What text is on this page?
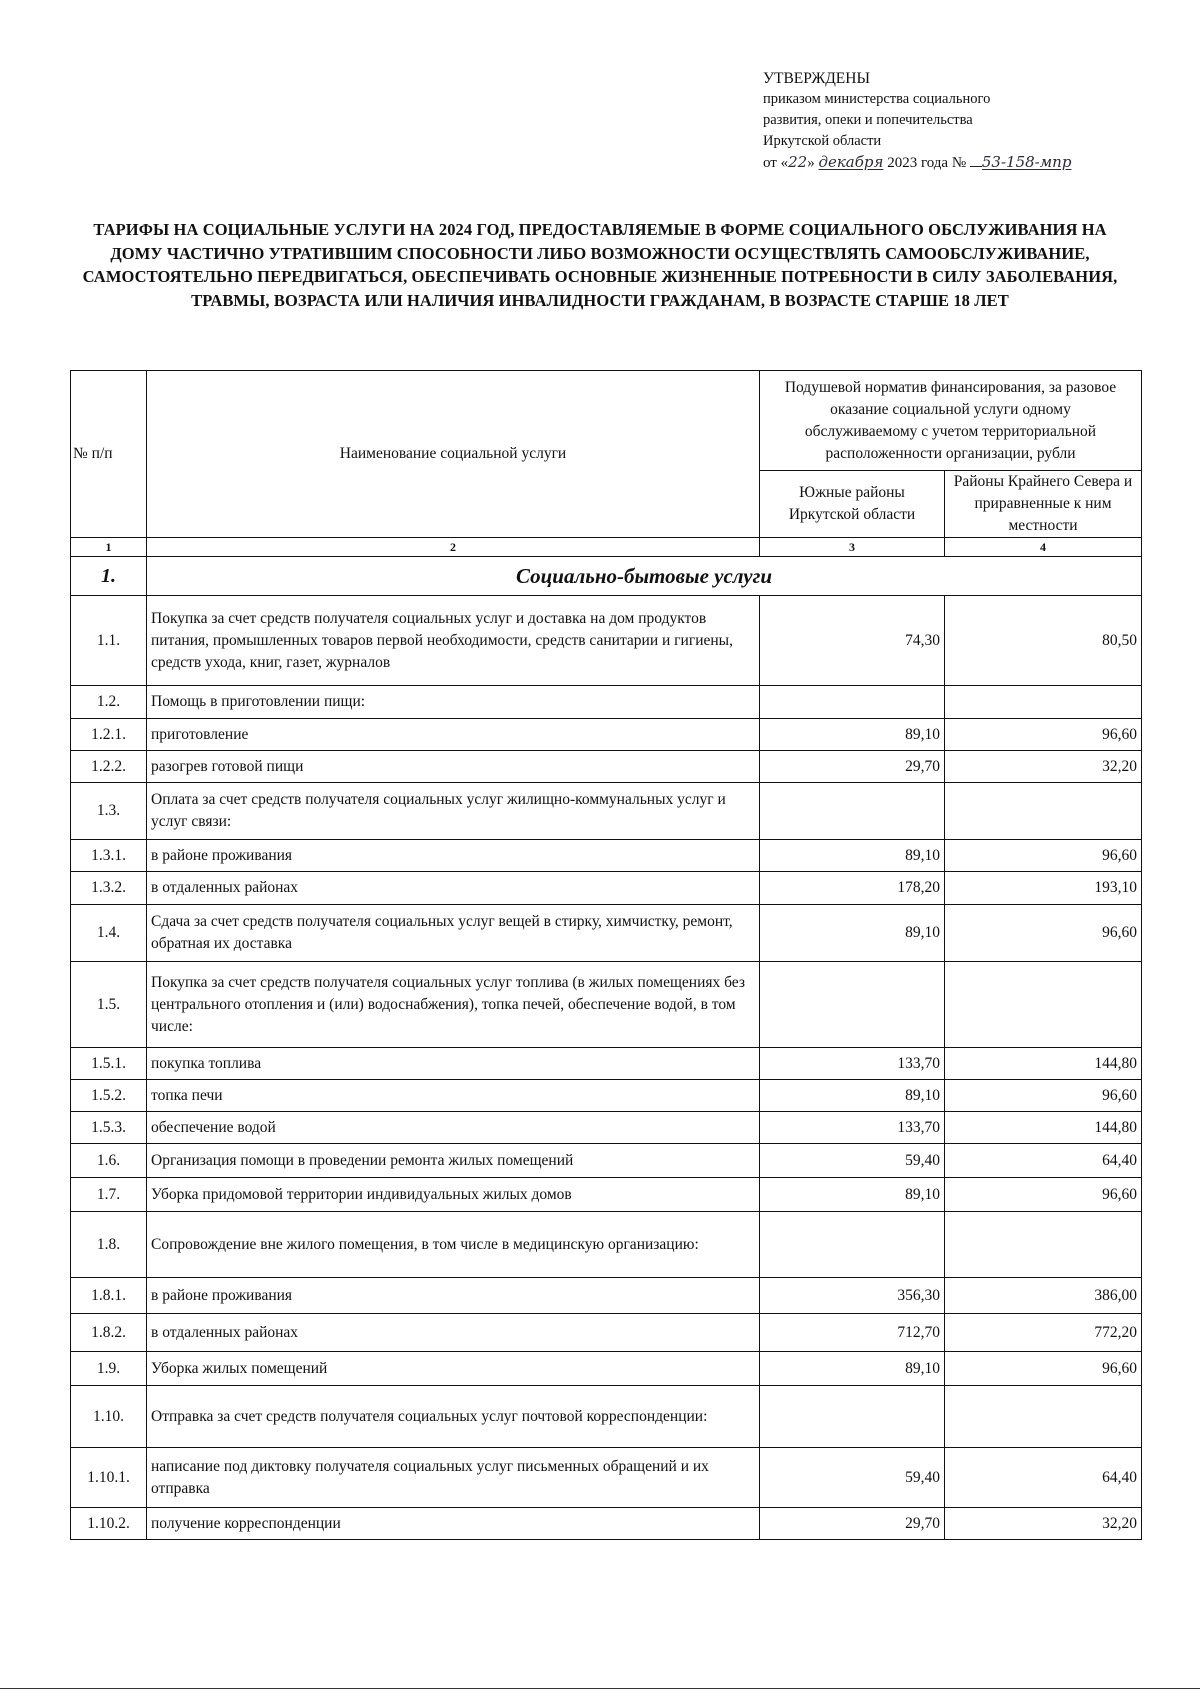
УТВЕРЖДЕНЫ
приказом министерства социального
развития, опеки и попечительства
Иркутской области
от «22» декабря 2023 года № 53-158-мпр
ТАРИФЫ НА СОЦИАЛЬНЫЕ УСЛУГИ НА 2024 ГОД, ПРЕДОСТАВЛЯЕМЫЕ В ФОРМЕ СОЦИАЛЬНОГО ОБСЛУЖИВАНИЯ НА ДОМУ ЧАСТИЧНО УТРАТИВШИМ СПОСОБНОСТИ ЛИБО ВОЗМОЖНОСТИ ОСУЩЕСТВЛЯТЬ САМООБСЛУЖИВАНИЕ, САМОСТОЯТЕЛЬНО ПЕРЕДВИГАТЬСЯ, ОБЕСПЕЧИВАТЬ ОСНОВНЫЕ ЖИЗНЕННЫЕ ПОТРЕБНОСТИ В СИЛУ ЗАБОЛЕВАНИЯ, ТРАВМЫ, ВОЗРАСТА ИЛИ НАЛИЧИЯ ИНВАЛИДНОСТИ ГРАЖДАНАМ, В ВОЗРАСТЕ СТАРШЕ 18 ЛЕТ
№ п/п	Наименование социальной услуги	Подушевой норматив финансирования, за разовое оказание социальной услуги одному обслуживаемому с учетом территориальной расположенности организации, рубли	
		Южные районы Иркутской области	Районы Крайнего Севера и приравненные к ним местности
1	2	3	4
1.	Социально-бытовые услуги		
1.1.	Покупка за счет средств получателя социальных услуг и доставка на дом продуктов питания, промышленных товаров первой необходимости, средств санитарии и гигиены, средств ухода, книг, газет, журналов	74,30	80,50
1.2.	Помощь в приготовлении пищи:		
1.2.1.	приготовление	89,10	96,60
1.2.2.	разогрев готовой пищи	29,70	32,20
1.3.	Оплата за счет средств получателя социальных услуг жилищно-коммунальных услуг и услуг связи:		
1.3.1.	в районе проживания	89,10	96,60
1.3.2.	в отдаленных районах	178,20	193,10
1.4.	Сдача за счет средств получателя социальных услуг вещей в стирку, химчистку, ремонт, обратная их доставка	89,10	96,60
1.5.	Покупка за счет средств получателя социальных услуг топлива (в жилых помещениях без центрального отопления и (или) водоснабжения), топка печей, обеспечение водой, в том числе:		
1.5.1.	покупка топлива	133,70	144,80
1.5.2.	топка печи	89,10	96,60
1.5.3.	обеспечение водой	133,70	144,80
1.6.	Организация помощи в проведении ремонта жилых помещений	59,40	64,40
1.7.	Уборка придомовой территории индивидуальных жилых домов	89,10	96,60
1.8.	Сопровождение вне жилого помещения, в том числе в медицинскую организацию:		
1.8.1.	в районе проживания	356,30	386,00
1.8.2.	в отдаленных районах	712,70	772,20
1.9.	Уборка жилых помещений	89,10	96,60
1.10.	Отправка за счет средств получателя социальных услуг почтовой корреспонденции:		
1.10.1.	написание под диктовку получателя социальных услуг письменных обращений и их отправка	59,40	64,40
1.10.2.	получение корреспонденции	29,70	32,20
